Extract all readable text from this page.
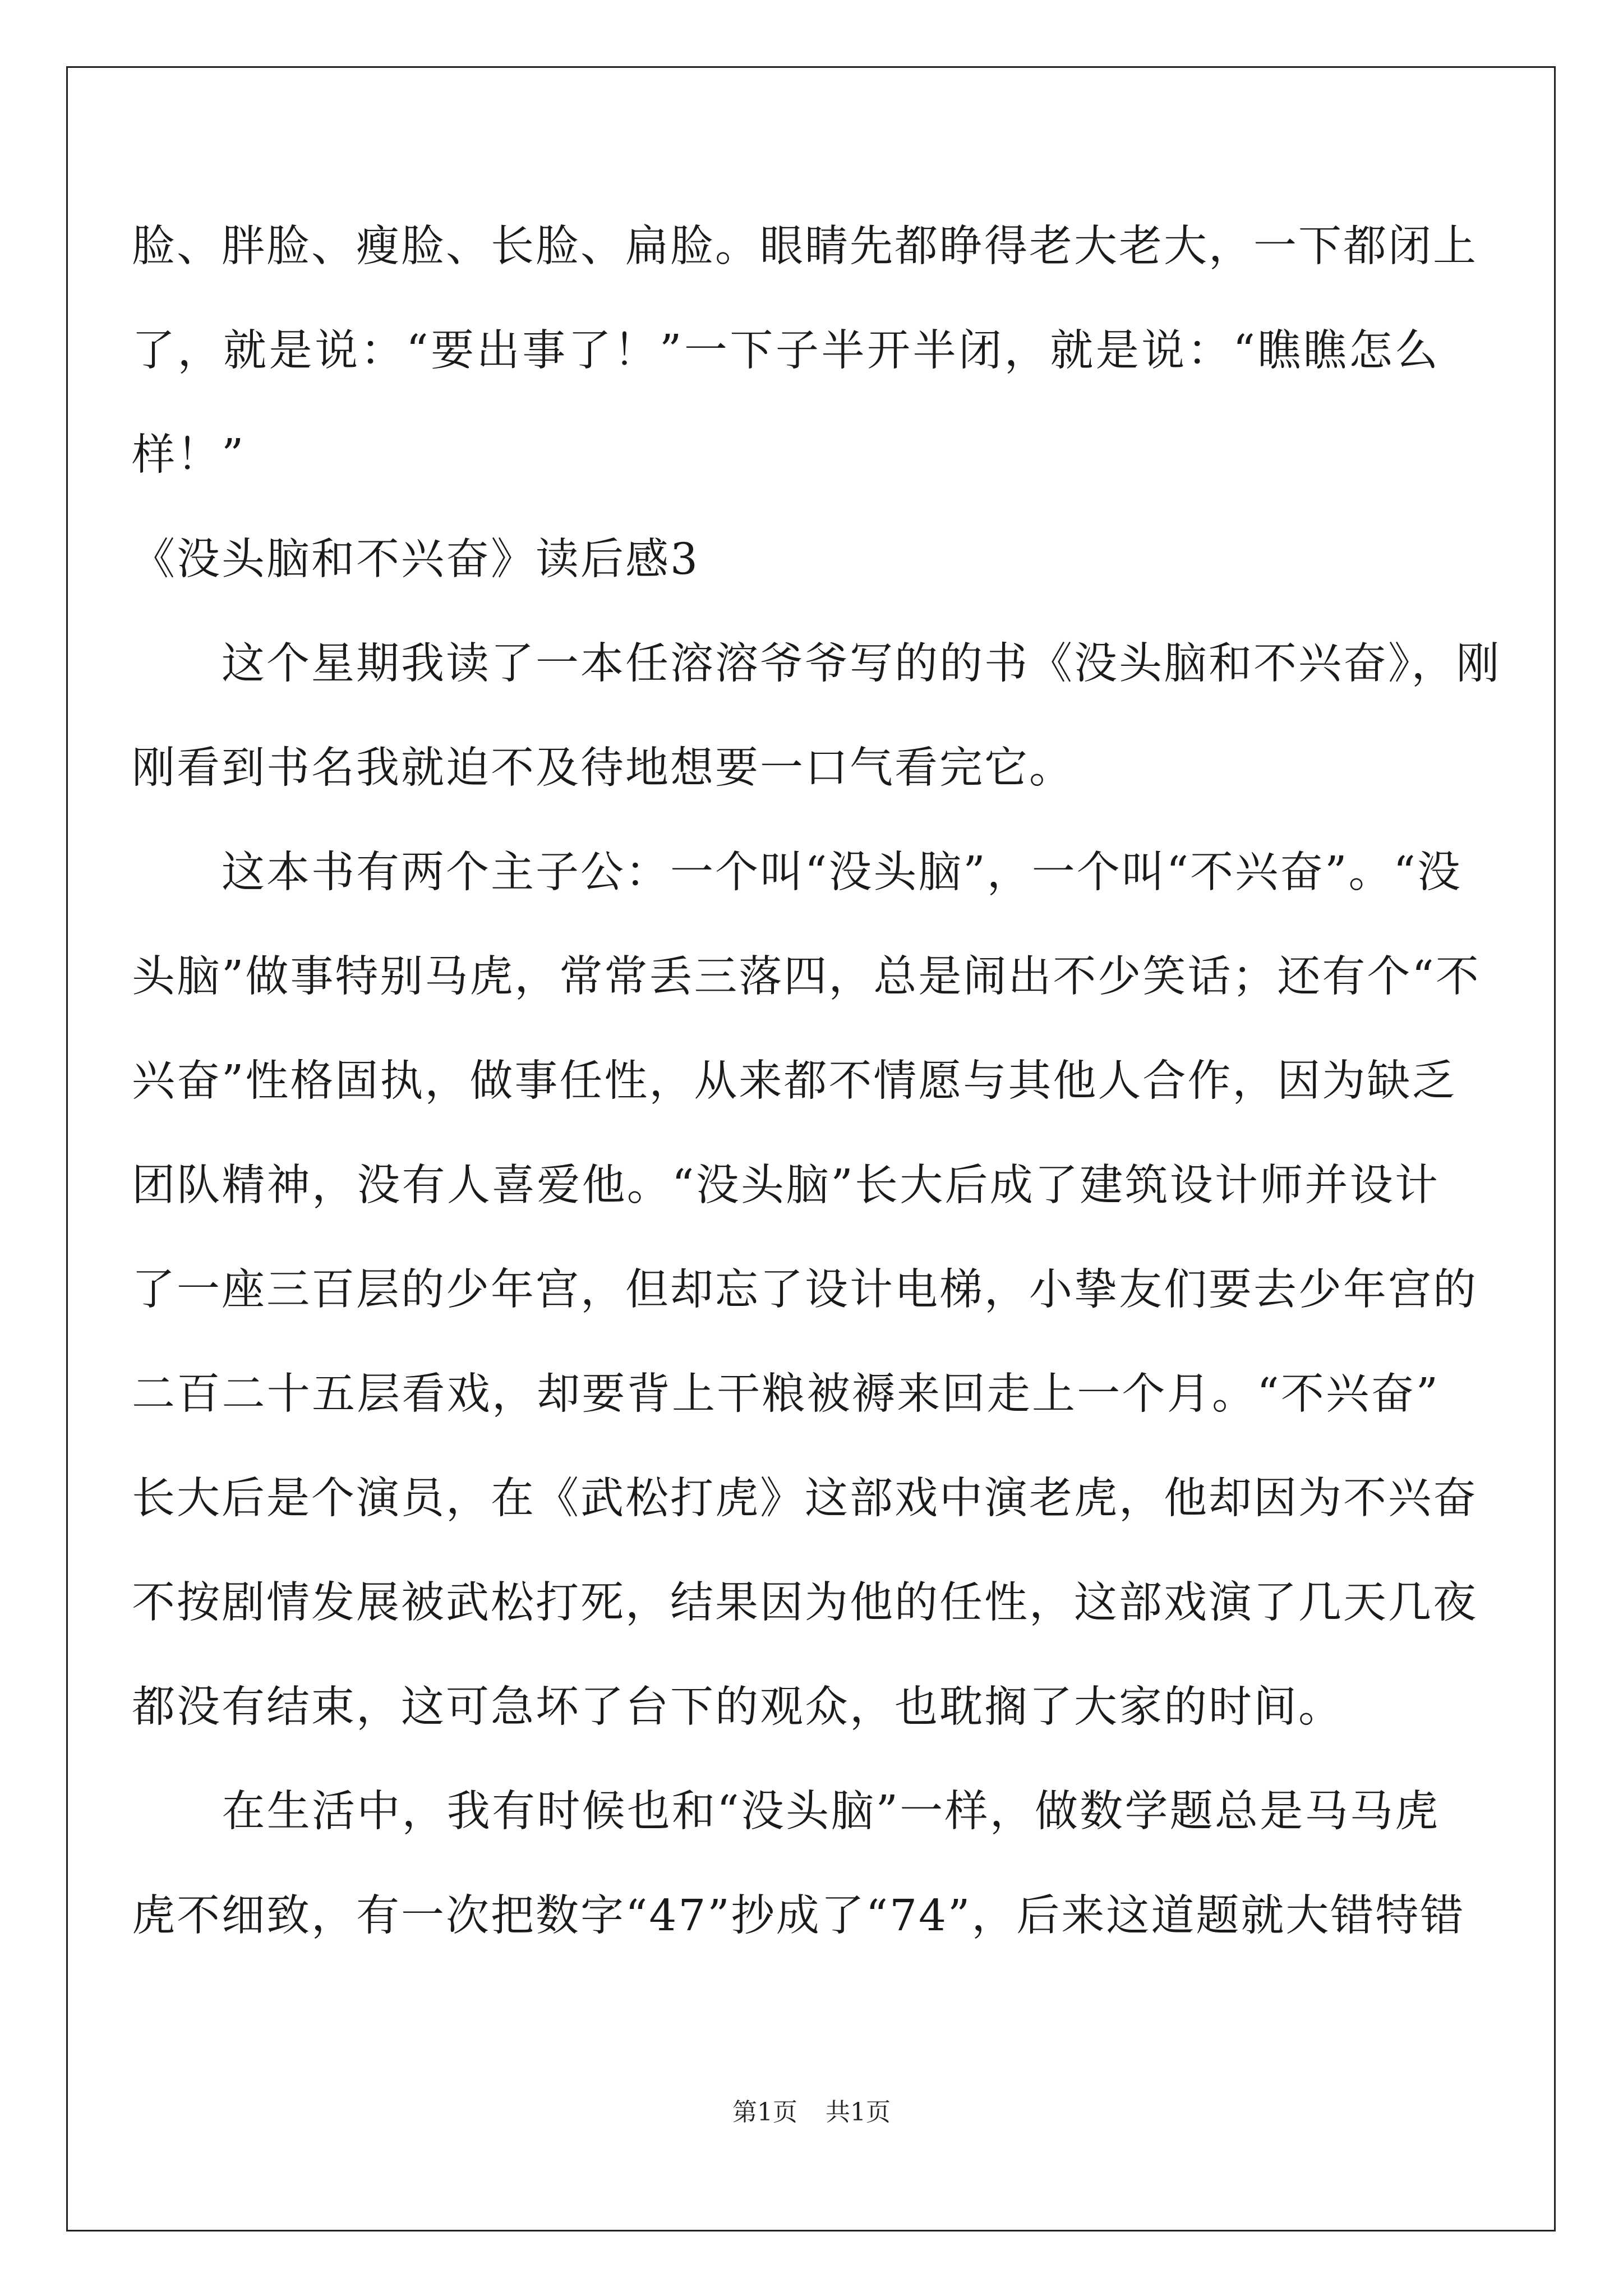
脸、胖脸、瘦脸、长脸、扁脸。眼睛先都睁得老大老大，一下都闭上
了，就是说：“要出事了！”一下子半开半闭，就是说：“瞧瞧怎么
样！”
《没头脑和不兴奋》读后感3
　　这个星期我读了一本任溶溶爷爷写的的书《没头脑和不兴奋》，刚
刚看到书名我就迫不及待地想要一口气看完它。
　　这本书有两个主子公：一个叫“没头脑”，一个叫“不兴奋”。“没
头脑”做事特别马虎，常常丢三落四，总是闹出不少笑话；还有个“不
兴奋”性格固执，做事任性，从来都不情愿与其他人合作，因为缺乏
团队精神，没有人喜爱他。“没头脑”长大后成了建筑设计师并设计
了一座三百层的少年宫，但却忘了设计电梯，小挚友们要去少年宫的
二百二十五层看戏，却要背上干粮被褥来回走上一个月。“不兴奋”
长大后是个演员，在《武松打虎》这部戏中演老虎，他却因为不兴奋
不按剧情发展被武松打死，结果因为他的任性，这部戏演了几天几夜
都没有结束，这可急坏了台下的观众，也耽搁了大家的时间。
　　在生活中，我有时候也和“没头脑”一样，做数学题总是马马虎
虎不细致，有一次把数字“47”抄成了“74”，后来这道题就大错特错
第1页 共1页
